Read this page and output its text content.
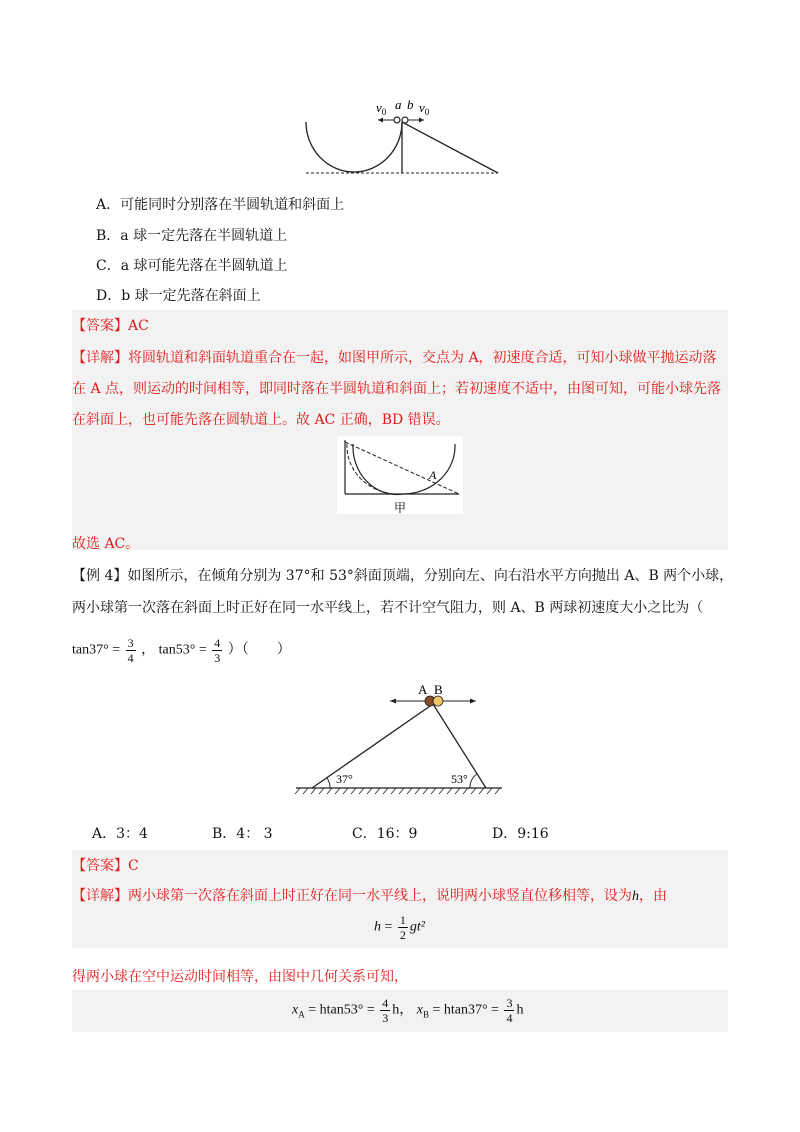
$v_0$ a b $v_0$
A．可能同时分别落在半圆轨道和斜面上
B．a 球一定先落在半圆轨道上
C．a 球可能先落在半圆轨道上
D．b 球一定先落在斜面上
【答案】AC
【详解】将圆轨道和斜面轨道重合在一起，如图甲所示，交点为 A，初速度合适，可知小球做平抛运动落
在 A 点，则运动的时间相等，即同时落在半圆轨道和斜面上；若初速度不适中，由图可知，可能小球先落
在斜面上，也可能先落在圆轨道上。故 AC 正确，BD 错误。
A
甲
故选 AC。
【例 4】如图所示，在倾角分别为 37°和 53°斜面顶端，分别向左、向右沿水平方向抛出 A、B 两个小球，
两小球第一次落在斜面上时正好在同一水平线上，若不计空气阻力，则 A、B 两球初速度大小之比为（
$\tan 37^\circ = \frac{3}{4}$ ， $\tan 53^\circ = \frac{4}{3}$ ）（　　）
A B
37°	53°
A．3：4	B．4： 3	C．16：9	D．9:16
【答案】C
【详解】两小球第一次落在斜面上时正好在同一水平线上，说明两小球竖直位移相等，设为h，由
$h = \frac{1}{2} gt^2$
得两小球在空中运动时间相等，由图中几何关系可知，
$x_A = htan53^\circ = \frac{4}{3}$ h， $x_B = htan37^\circ = \frac{3}{4}$ h
